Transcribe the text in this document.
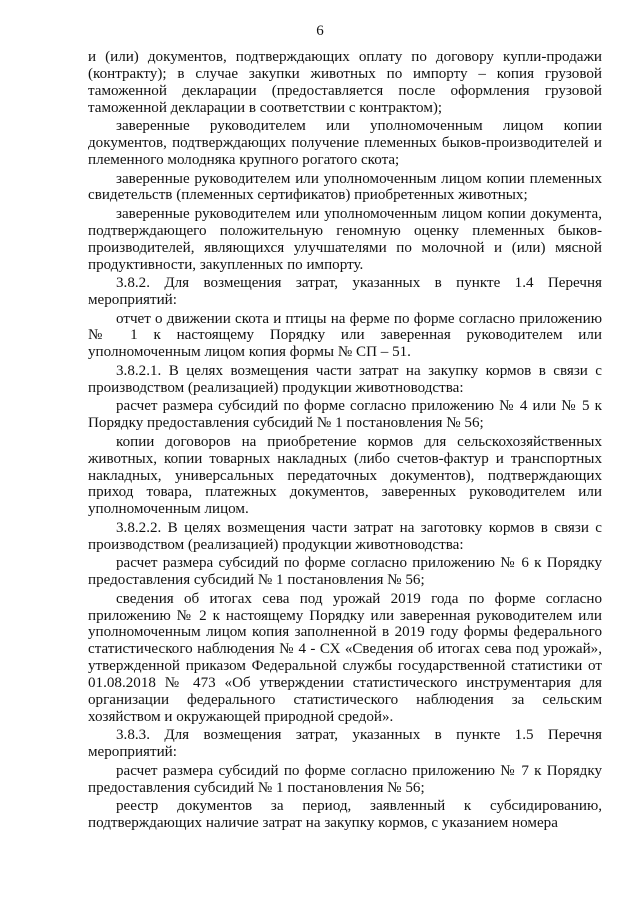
6

и (или) документов, подтверждающих оплату по договору купли-продажи (контракту); в случае закупки животных по импорту – копия грузовой таможенной декларации (предоставляется после оформления грузовой таможенной декларации в соответствии с контрактом);

заверенные руководителем или уполномоченным лицом копии документов, подтверждающих получение племенных быков-производителей и племенного молодняка крупного рогатого скота;

заверенные руководителем или уполномоченным лицом копии племенных свидетельств (племенных сертификатов) приобретенных животных;

заверенные руководителем или уполномоченным лицом копии документа, подтверждающего положительную геномную оценку племенных быков-производителей, являющихся улучшателями по молочной и (или) мясной продуктивности, закупленных по импорту.

3.8.2. Для возмещения затрат, указанных в пункте 1.4 Перечня мероприятий:

отчет о движении скота и птицы на ферме по форме согласно приложению № 1 к настоящему Порядку или заверенная руководителем или уполномоченным лицом копия формы № СП – 51.

3.8.2.1. В целях возмещения части затрат на закупку кормов в связи с производством (реализацией) продукции животноводства:

расчет размера субсидий по форме согласно приложению № 4 или № 5 к Порядку предоставления субсидий № 1 постановления № 56;

копии договоров на приобретение кормов для сельскохозяйственных животных, копии товарных накладных (либо счетов-фактур и транспортных накладных, универсальных передаточных документов), подтверждающих приход товара, платежных документов, заверенных руководителем или уполномоченным лицом.

3.8.2.2. В целях возмещения части затрат на заготовку кормов в связи с производством (реализацией) продукции животноводства:

расчет размера субсидий по форме согласно приложению № 6 к Порядку предоставления субсидий № 1 постановления № 56;

сведения об итогах сева под урожай 2019 года по форме согласно приложению № 2 к настоящему Порядку или заверенная руководителем или уполномоченным лицом копия заполненной в 2019 году формы федерального статистического наблюдения № 4 - СХ «Сведения об итогах сева под урожай», утвержденной приказом Федеральной службы государственной статистики от 01.08.2018 № 473 «Об утверждении статистического инструментария для организации федерального статистического наблюдения за сельским хозяйством и окружающей природной средой».

3.8.3. Для возмещения затрат, указанных в пункте 1.5 Перечня мероприятий:

расчет размера субсидий по форме согласно приложению № 7 к Порядку предоставления субсидий № 1 постановления № 56;

реестр документов за период, заявленный к субсидированию, подтверждающих наличие затрат на закупку кормов, с указанием номера
